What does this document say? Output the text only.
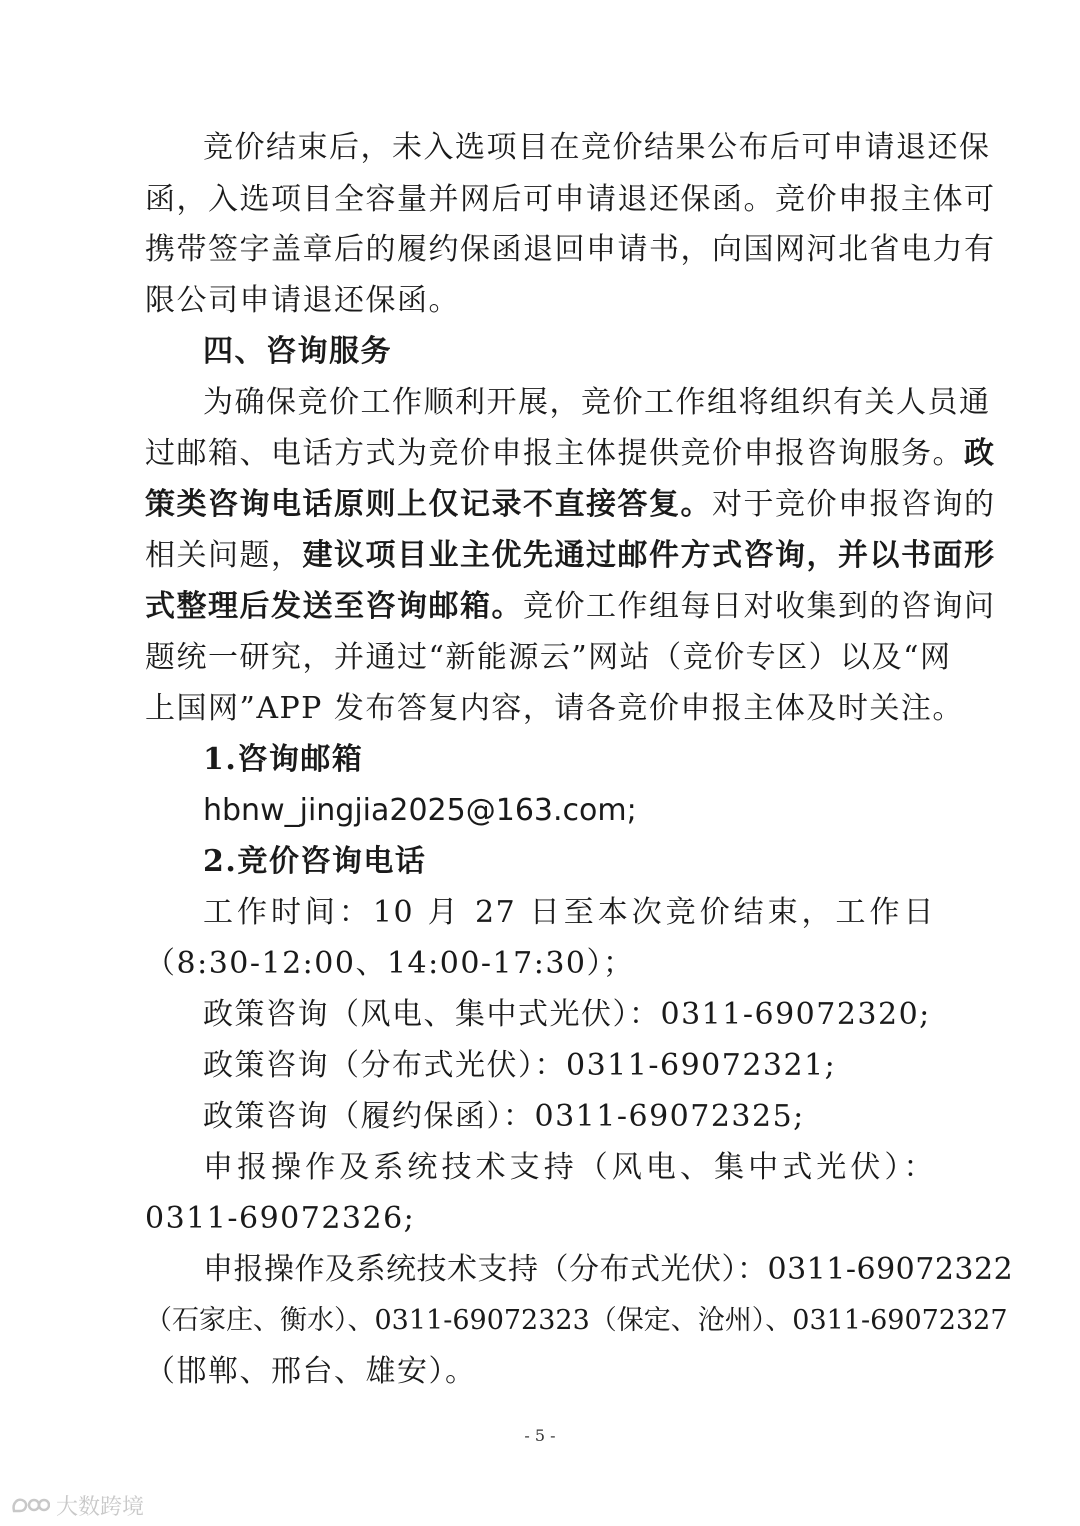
竞价结束后，未入选项目在竞价结果公布后可申请退还保
函，入选项目全容量并网后可申请退还保函。竞价申报主体可
携带签字盖章后的履约保函退回申请书，向国网河北省电力有
限公司申请退还保函。
四、咨询服务
为确保竞价工作顺利开展，竞价工作组将组织有关人员通
过邮箱、电话方式为竞价申报主体提供竞价申报咨询服务。政
策类咨询电话原则上仅记录不直接答复。对于竞价申报咨询的
相关问题，建议项目业主优先通过邮件方式咨询，并以书面形
式整理后发送至咨询邮箱。竞价工作组每日对收集到的咨询问
题统一研究，并通过“新能源云”网站（竞价专区）以及“网
上国网”APP 发布答复内容，请各竞价申报主体及时关注。
1.咨询邮箱
hbnw_jingjia2025@163.com;
2.竞价咨询电话
工作时间：10 月 27 日至本次竞价结束，工作日
（8:30-12:00、14:00-17:30）；
政策咨询（风电、集中式光伏）：0311-69072320;
政策咨询（分布式光伏）：0311-69072321;
政策咨询（履约保函）：0311-69072325;
申报操作及系统技术支持（风电、集中式光伏）：
0311-69072326;
申报操作及系统技术支持（分布式光伏）：0311-69072322
（石家庄、衡水）、0311-69072323（保定、沧州）、0311-69072327
（邯郸、邢台、雄安）。
- 5 -
大数跨境
